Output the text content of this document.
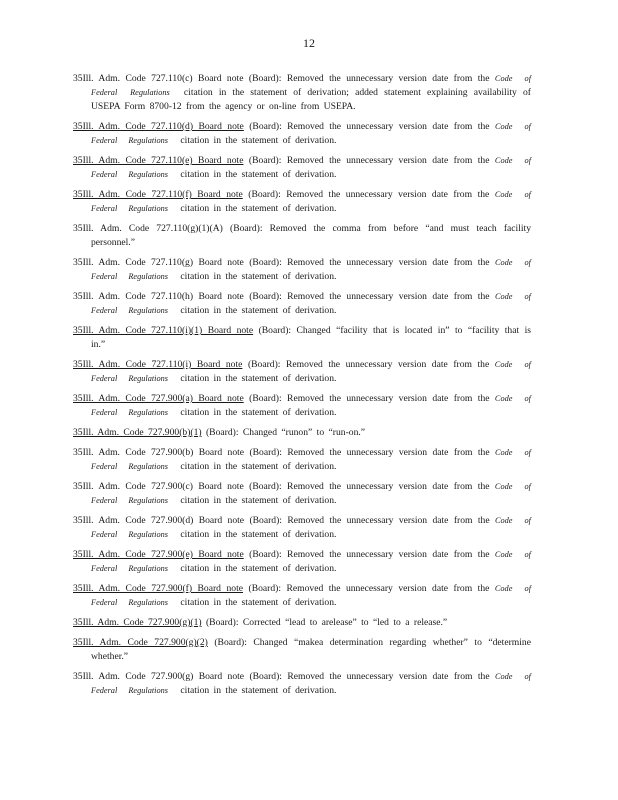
12
35Ill. Adm. Code 727.110(c) Board note (Board): Removed the unnecessary version date from the Code of Federal Regulations citation in the statement of derivation; added statement explaining availability of USEPA Form 8700-12 from the agency or on-line from USEPA.
35Ill. Adm. Code 727.110(d) Board note (Board): Removed the unnecessary version date from the Code of Federal Regulations citation in the statement of derivation.
35Ill. Adm. Code 727.110(e) Board note (Board): Removed the unnecessary version date from the Code of Federal Regulations citation in the statement of derivation.
35Ill. Adm. Code 727.110(f) Board note (Board): Removed the unnecessary version date from the Code of Federal Regulations citation in the statement of derivation.
35Ill. Adm. Code 727.110(g)(1)(A) (Board): Removed the comma from before “and must teach facility personnel.”
35Ill. Adm. Code 727.110(g) Board note (Board): Removed the unnecessary version date from the Code of Federal Regulations citation in the statement of derivation.
35Ill. Adm. Code 727.110(h) Board note (Board): Removed the unnecessary version date from the Code of Federal Regulations citation in the statement of derivation.
35Ill. Adm. Code 727.110(i)(1) Board note (Board): Changed “facility that is located in” to “facility that is in.”
35Ill. Adm. Code 727.110(i) Board note (Board): Removed the unnecessary version date from the Code of Federal Regulations citation in the statement of derivation.
35Ill. Adm. Code 727.900(a) Board note (Board): Removed the unnecessary version date from the Code of Federal Regulations citation in the statement of derivation.
35Ill. Adm. Code 727.900(b)(1) (Board): Changed “runon” to “run-on.”
35Ill. Adm. Code 727.900(b) Board note (Board): Removed the unnecessary version date from the Code of Federal Regulations citation in the statement of derivation.
35Ill. Adm. Code 727.900(c) Board note (Board): Removed the unnecessary version date from the Code of Federal Regulations citation in the statement of derivation.
35Ill. Adm. Code 727.900(d) Board note (Board): Removed the unnecessary version date from the Code of Federal Regulations citation in the statement of derivation.
35Ill. Adm. Code 727.900(e) Board note (Board): Removed the unnecessary version date from the Code of Federal Regulations citation in the statement of derivation.
35Ill. Adm. Code 727.900(f) Board note (Board): Removed the unnecessary version date from the Code of Federal Regulations citation in the statement of derivation.
35Ill. Adm. Code 727.900(g)(1) (Board): Corrected “lead to arelease” to “led to a release.”
35Ill. Adm. Code 727.900(g)(2) (Board): Changed “makea determination regarding whether” to “determine whether.”
35Ill. Adm. Code 727.900(g) Board note (Board): Removed the unnecessary version date from the Code of Federal Regulations citation in the statement of derivation.
